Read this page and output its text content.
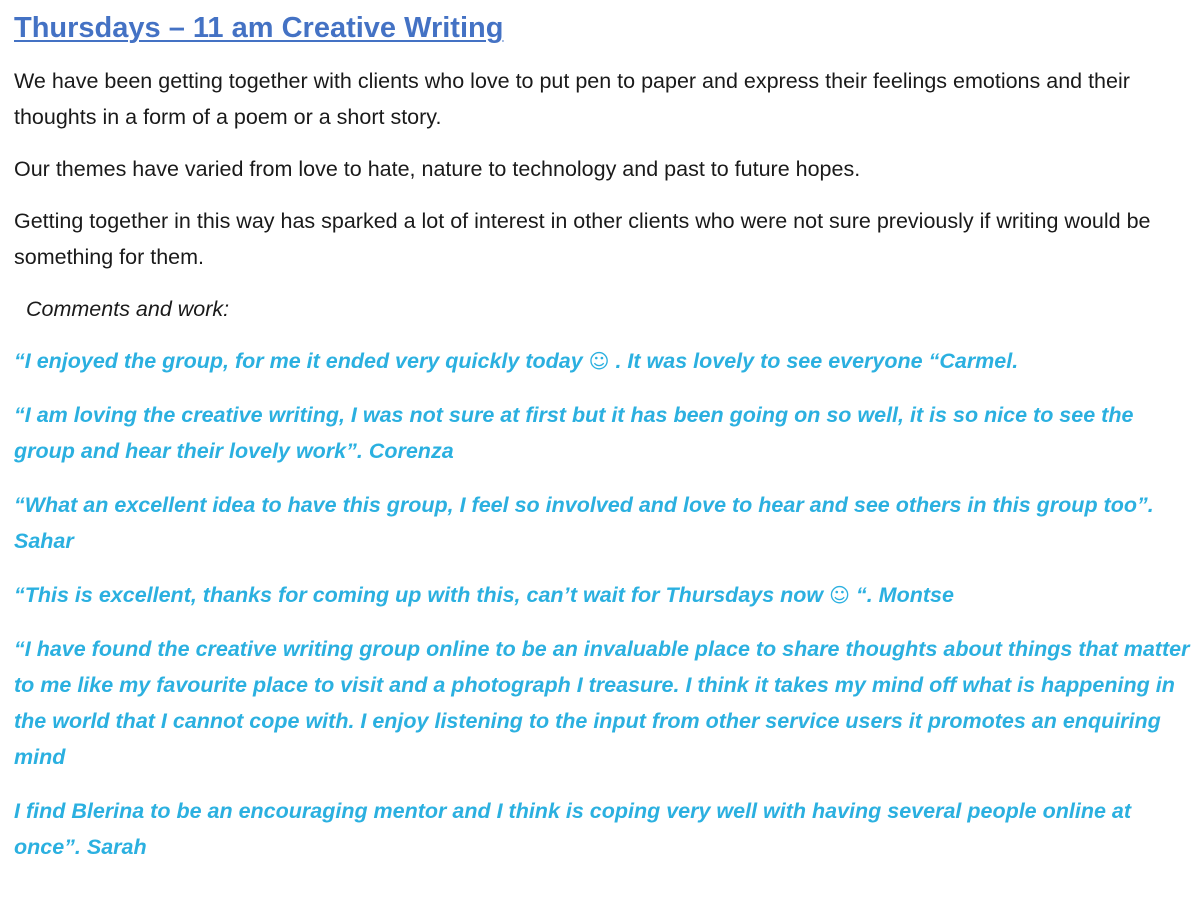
Thursdays – 11 am Creative Writing

We have been getting together with clients who love to put pen to paper and express their feelings emotions and their thoughts in a form of a poem or a short story.

Our themes have varied from love to hate, nature to technology and past to future hopes.

Getting together in this way has sparked a lot of interest in other clients who were not sure previously if writing would be something for them.

Comments and work:

“I enjoyed the group, for me it ended very quickly today ☺ . It was lovely to see everyone “Carmel.

“I am loving the creative writing, I was not sure at first but it has been going on so well, it is so nice to see the group and hear their lovely work”. Corenza

“What an excellent idea to have this group, I feel so involved and love to hear and see others in this group too”. Sahar

“This is excellent, thanks for coming up with this, can’t wait for Thursdays now ☺ “. Montse

“I have found the creative writing group online to be an invaluable place to share thoughts about things that matter to me like my favourite place to visit and a photograph I treasure. I think it takes my mind off what is happening in the world that I cannot cope with. I enjoy listening to the input from other service users it promotes an enquiring mind

I find Blerina to be an encouraging mentor and I think is coping very well with having several people online at once”. Sarah
